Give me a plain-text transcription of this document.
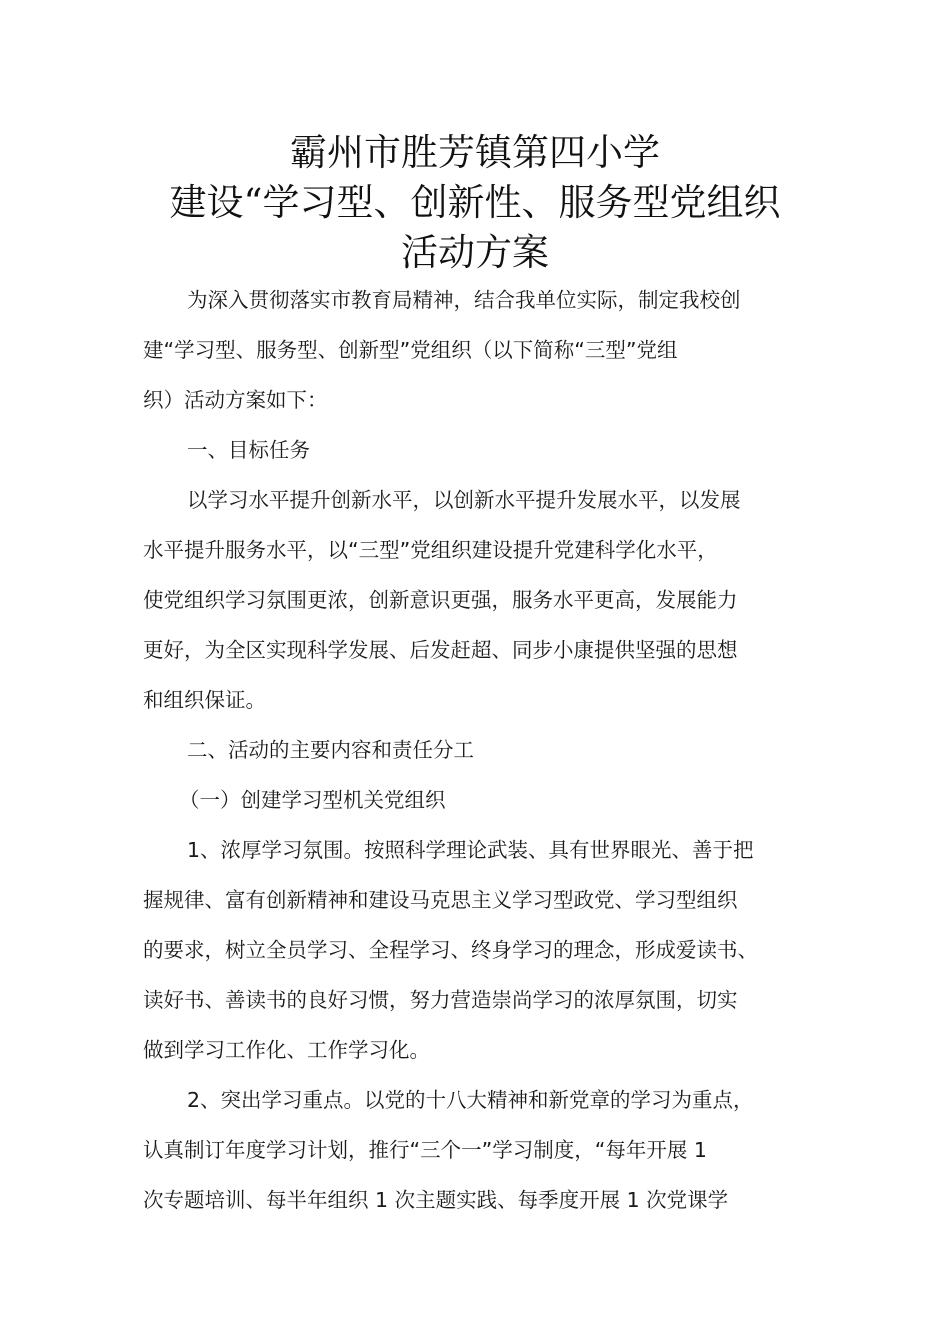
霸州市胜芳镇第四小学
建设“学习型、创新性、服务型党组织
活动方案
为深入贯彻落实市教育局精神，结合我单位实际，制定我校创
建“学习型、服务型、创新型”党组织（以下简称“三型”党组
织）活动方案如下：
一、目标任务
以学习水平提升创新水平，以创新水平提升发展水平，以发展
水平提升服务水平，以“三型”党组织建设提升党建科学化水平，
使党组织学习氛围更浓，创新意识更强，服务水平更高，发展能力
更好，为全区实现科学发展、后发赶超、同步小康提供坚强的思想
和组织保证。
二、活动的主要内容和责任分工
（一）创建学习型机关党组织
1、浓厚学习氛围。按照科学理论武装、具有世界眼光、善于把
握规律、富有创新精神和建设马克思主义学习型政党、学习型组织
的要求，树立全员学习、全程学习、终身学习的理念，形成爱读书、
读好书、善读书的良好习惯，努力营造崇尚学习的浓厚氛围，切实
做到学习工作化、工作学习化。
2、突出学习重点。以党的十八大精神和新党章的学习为重点，
认真制订年度学习计划，推行“三个一”学习制度，“每年开展 1
次专题培训、每半年组织 1 次主题实践、每季度开展 1 次党课学
